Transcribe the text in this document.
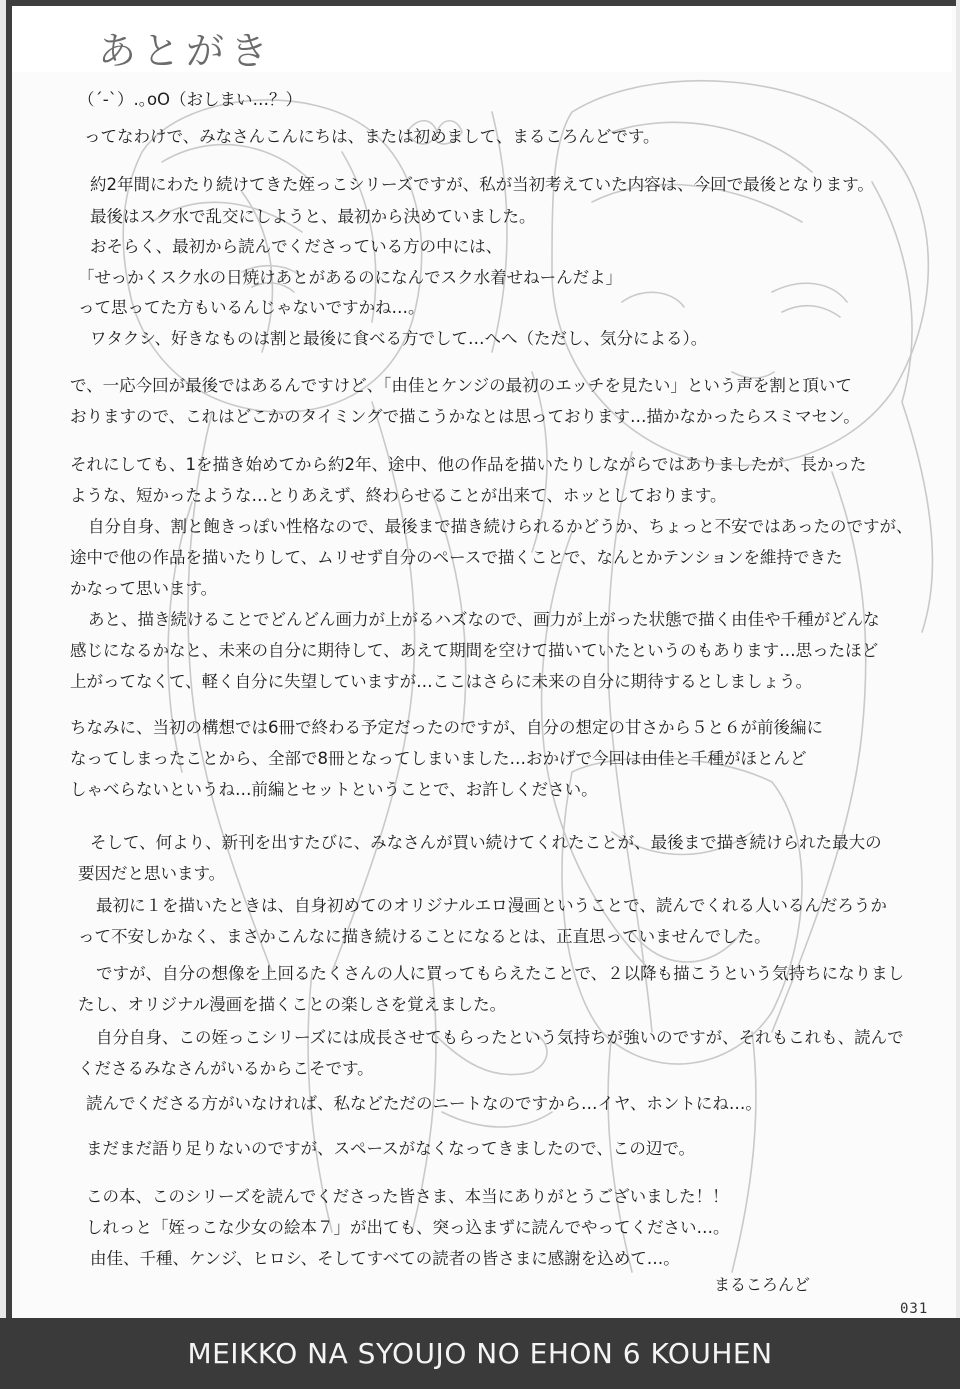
あとがき
（´-`）.｡oO（おしまい…？）
ってなわけで、みなさんこんにちは、または初めまして、まるころんどです。
約2年間にわたり続けてきた姪っこシリーズですが、私が当初考えていた内容は、今回で最後となります。
最後はスク水で乱交にしようと、最初から決めていました。
おそらく、最初から読んでくださっている方の中には、
「せっかくスク水の日焼けあとがあるのになんでスク水着せねーんだよ」
って思ってた方もいるんじゃないですかね…。
ワタクシ、好きなものは割と最後に食べる方でして…へへ（ただし、気分による）。
で、一応今回が最後ではあるんですけど、「由佳とケンジの最初のエッチを見たい」という声を割と頂いて
おりますので、これはどこかのタイミングで描こうかなとは思っております…描かなかったらスミマセン。
それにしても、1を描き始めてから約2年、途中、他の作品を描いたりしながらではありましたが、長かった
ような、短かったような…とりあえず、終わらせることが出来て、ホッとしております。
自分自身、割と飽きっぽい性格なので、最後まで描き続けられるかどうか、ちょっと不安ではあったのですが、
途中で他の作品を描いたりして、ムリせず自分のペースで描くことで、なんとかテンションを維持できた
かなって思います。
あと、描き続けることでどんどん画力が上がるハズなので、画力が上がった状態で描く由佳や千種がどんな
感じになるかなと、未来の自分に期待して、あえて期間を空けて描いていたというのもあります…思ったほど
上がってなくて、軽く自分に失望していますが…ここはさらに未来の自分に期待するとしましょう。
ちなみに、当初の構想では6冊で終わる予定だったのですが、自分の想定の甘さから５と６が前後編に
なってしまったことから、全部で8冊となってしまいました…おかげで今回は由佳と千種がほとんど
しゃべらないというね…前編とセットということで、お許しください。
そして、何より、新刊を出すたびに、みなさんが買い続けてくれたことが、最後まで描き続けられた最大の
要因だと思います。
最初に１を描いたときは、自身初めてのオリジナルエロ漫画ということで、読んでくれる人いるんだろうか
って不安しかなく、まさかこんなに描き続けることになるとは、正直思っていませんでした。
ですが、自分の想像を上回るたくさんの人に買ってもらえたことで、２以降も描こうという気持ちになりまし
たし、オリジナル漫画を描くことの楽しさを覚えました。
自分自身、この姪っこシリーズには成長させてもらったという気持ちが強いのですが、それもこれも、読んで
くださるみなさんがいるからこそです。
読んでくださる方がいなければ、私などただのニートなのですから…イヤ、ホントにね…。
まだまだ語り足りないのですが、スペースがなくなってきましたので、この辺で。
この本、このシリーズを読んでくださった皆さま、本当にありがとうございました！！
しれっと「姪っこな少女の絵本７」が出ても、突っ込まずに読んでやってください…。
由佳、千種、ケンジ、ヒロシ、そしてすべての読者の皆さまに感謝を込めて…。
まるころんど
031
MEIKKO NA SYOUJO NO EHON 6 KOUHEN
